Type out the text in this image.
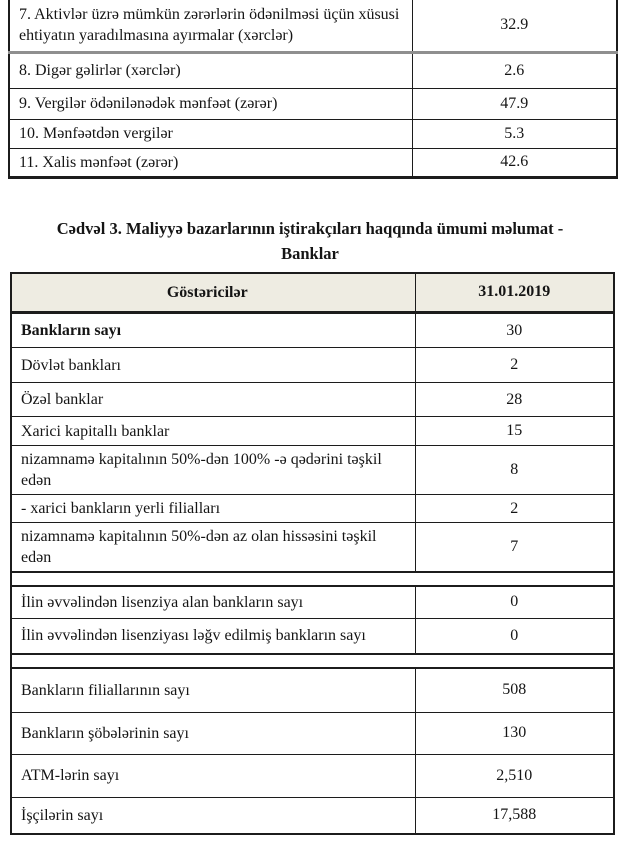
7. Aktivlər üzrə mümkün zərərlərin ödənilməsi üçün xüsusi ehtiyatın yaradılmasına ayırmalar (xərclər)	32.9
8. Digər gəlirlər (xərclər)	2.6
9. Vergilər ödənilənədək mənfəət (zərər)	47.9
10. Mənfəətdən vergilər	5.3
11. Xalis mənfəət (zərər)	42.6
Cədvəl 3. Maliyyə bazarlarının iştirakçıları haqqında ümumi məlumat -
Banklar
Göstəricilər	31.01.2019
Bankların sayı	30
Dövlət bankları	2
Özəl banklar	28
Xarici kapitallı banklar	15
nizamnamə kapitalının 50%-dən 100% -ə qədərini təşkil edən	8
- xarici bankların yerli filialları	2
nizamnamə kapitalının 50%-dən az olan hissəsini təşkil edən	7

İlin əvvəlindən lisenziya alan bankların sayı	0
İlin əvvəlindən lisenziyası ləğv edilmiş bankların sayı	0

Bankların filiallarının sayı	508
Bankların şöbələrinin sayı	130
ATM-lərin sayı	2,510
İşçilərin sayı	17,588
